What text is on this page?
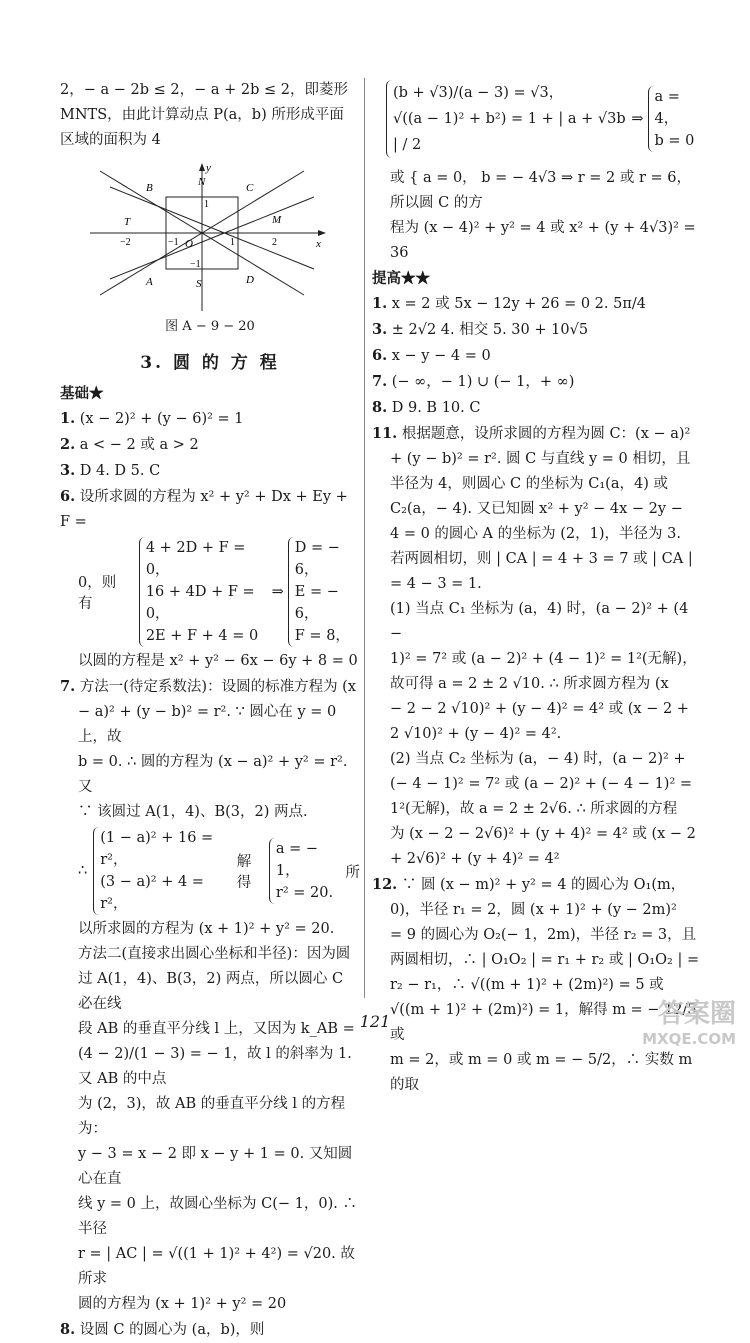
2，− a − 2b ≤ 2，− a + 2b ≤ 2，即菱形

MNTS，由此计算动点 P(a，b) 所形成平面

区域的面积为 4

y
x
B	N	C
T	M
A	S	D
O
1
−1
−2	1	2
−1
图 A − 9 − 20
3. 圆 的 方 程

基础★

1. (x − 2)² + (y − 6)² = 1

2. a < − 2 或 a > 2

3. D 4. D 5. C

6. 设所求圆的方程为 x² + y² + Dx + Ey + F =

0，则有
4 + 2D + F = 0，
16 + 4D + F = 0，
2E + F + 4 = 0
⇒
D = − 6，
E = − 6，
F = 8，

以圆的方程是 x² + y² − 6x − 6y + 8 = 0

7. 方法一(待定系数法)：设圆的标准方程为 (x

− a)² + (y − b)² = r². ∵ 圆心在 y = 0 上，故

b = 0. ∴ 圆的方程为 (x − a)² + y² = r². 又

∵ 该圆过 A(1，4)、B(3，2) 两点.

∴
(1 − a)² + 16 = r²，
(3 − a)² + 4 = r²，
解得
a = − 1，
r² = 20.
所

以所求圆的方程为 (x + 1)² + y² = 20.

方法二(直接求出圆心坐标和半径)：因为圆

过 A(1，4)、B(3，2) 两点，所以圆心 C 必在线

段 AB 的垂直平分线 l 上，又因为 k_AB =

(4 − 2)/(1 − 3) = − 1，故 l 的斜率为 1. 又 AB 的中点

为 (2，3)，故 AB 的垂直平分线 l 的方程为：

y − 3 = x − 2 即 x − y + 1 = 0. 又知圆心在直

线 y = 0 上，故圆心坐标为 C(− 1，0). ∴ 半径

r = | AC | = √((1 + 1)² + 4²) = √20. 故所求

圆的方程为 (x + 1)² + y² = 20

8. 设圆 C 的圆心为 (a，b)，则

(b + √3)/(a − 3) = √3，
√((a − 1)² + b²) = 1 + | a + √3b | / 2
⇒
a = 4，
b = 0

或 { a = 0， b = − 4√3 ⇒ r = 2 或 r = 6，所以圆 C 的方

程为 (x − 4)² + y² = 4 或 x² + (y + 4√3)² = 36

提高★★

1. x = 2 或 5x − 12y + 26 = 0 2. 5π/4

3. ± 2√2 4. 相交 5. 30 + 10√5

6. x − y − 4 = 0

7. (− ∞，− 1) ∪ (− 1，+ ∞)

8. D 9. B 10. C

11. 根据题意，设所求圆的方程为圆 C：(x − a)²

+ (y − b)² = r². 圆 C 与直线 y = 0 相切，且

半径为 4，则圆心 C 的坐标为 C₁(a，4) 或

C₂(a，− 4). 又已知圆 x² + y² − 4x − 2y −

4 = 0 的圆心 A 的坐标为 (2，1)，半径为 3.

若两圆相切，则 | CA | = 4 + 3 = 7 或 | CA |

= 4 − 3 = 1.

(1) 当点 C₁ 坐标为 (a，4) 时，(a − 2)² + (4 −

1)² = 7² 或 (a − 2)² + (4 − 1)² = 1²(无解)，

故可得 a = 2 ± 2 √10. ∴ 所求圆方程为 (x

− 2 − 2 √10)² + (y − 4)² = 4² 或 (x − 2 +

2 √10)² + (y − 4)² = 4².

(2) 当点 C₂ 坐标为 (a，− 4) 时，(a − 2)² +

(− 4 − 1)² = 7² 或 (a − 2)² + (− 4 − 1)² =

1²(无解)，故 a = 2 ± 2√6. ∴ 所求圆的方程

为 (x − 2 − 2√6)² + (y + 4)² = 4² 或 (x − 2

+ 2√6)² + (y + 4)² = 4²

12. ∵ 圆 (x − m)² + y² = 4 的圆心为 O₁(m，

0)，半径 r₁ = 2，圆 (x + 1)² + (y − 2m)²

= 9 的圆心为 O₂(− 1，2m)，半径 r₂ = 3，且

两圆相切，∴ | O₁O₂ | = r₁ + r₂ 或 | O₁O₂ | =

r₂ − r₁，∴ √((m + 1)² + (2m)²) = 5 或

√((m + 1)² + (2m)²) = 1，解得 m = − 12/5 或

m = 2，或 m = 0 或 m = − 5/2，∴ 实数 m 的取

121	答案圈
MXQE.COM
